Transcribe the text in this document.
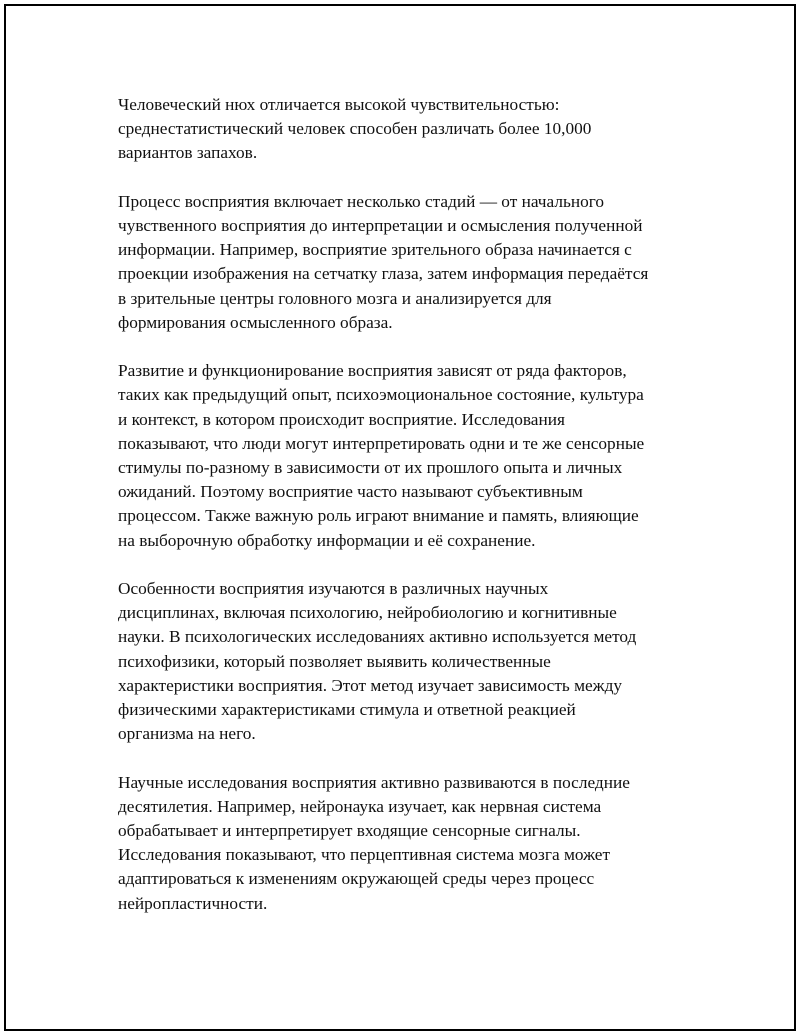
Человеческий нюх отличается высокой чувствительностью:
среднестатистический человек способен различать более 10,000
вариантов запахов.

Процесс восприятия включает несколько стадий — от начального
чувственного восприятия до интерпретации и осмысления полученной
информации. Например, восприятие зрительного образа начинается с
проекции изображения на сетчатку глаза, затем информация передаётся
в зрительные центры головного мозга и анализируется для
формирования осмысленного образа.

Развитие и функционирование восприятия зависят от ряда факторов,
таких как предыдущий опыт, психоэмоциональное состояние, культура
и контекст, в котором происходит восприятие. Исследования
показывают, что люди могут интерпретировать одни и те же сенсорные
стимулы по-разному в зависимости от их прошлого опыта и личных
ожиданий. Поэтому восприятие часто называют субъективным
процессом. Также важную роль играют внимание и память, влияющие
на выборочную обработку информации и её сохранение.

Особенности восприятия изучаются в различных научных
дисциплинах, включая психологию, нейробиологию и когнитивные
науки. В психологических исследованиях активно используется метод
психофизики, который позволяет выявить количественные
характеристики восприятия. Этот метод изучает зависимость между
физическими характеристиками стимула и ответной реакцией
организма на него.

Научные исследования восприятия активно развиваются в последние
десятилетия. Например, нейронаука изучает, как нервная система
обрабатывает и интерпретирует входящие сенсорные сигналы.
Исследования показывают, что перцептивная система мозга может
адаптироваться к изменениям окружающей среды через процесс
нейропластичности.
